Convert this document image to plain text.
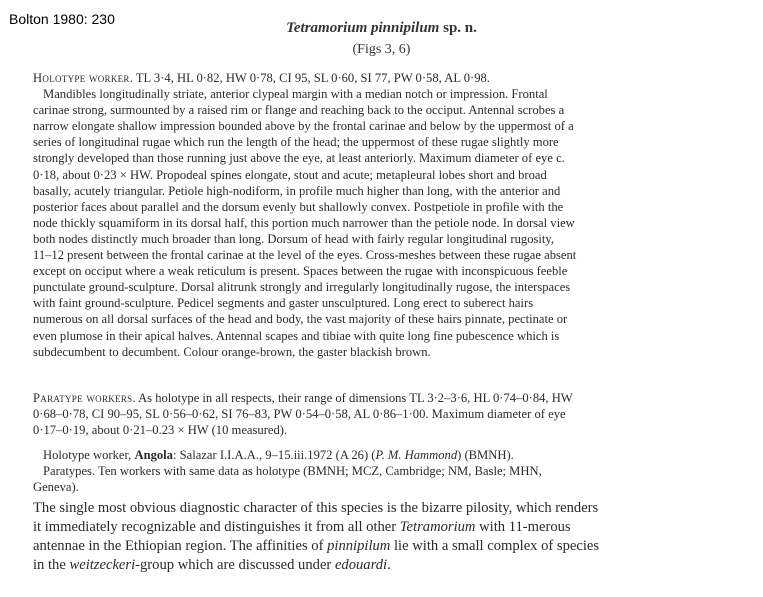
Bolton 1980: 230
Tetramorium pinnipilum sp. n.
(Figs 3, 6)
Holotype worker. TL 3·4, HL 0·82, HW 0·78, CI 95, SL 0·60, SI 77, PW 0·58, AL 0·98.
Mandibles longitudinally striate, anterior clypeal margin with a median notch or impression. Frontal
carinae strong, surmounted by a raised rim or flange and reaching back to the occiput. Antennal scrobes a
narrow elongate shallow impression bounded above by the frontal carinae and below by the uppermost of a
series of longitudinal rugae which run the length of the head; the uppermost of these rugae slightly more
strongly developed than those running just above the eye, at least anteriorly. Maximum diameter of eye c.
0·18, about 0·23 × HW. Propodeal spines elongate, stout and acute; metapleural lobes short and broad
basally, acutely triangular. Petiole high-nodiform, in profile much higher than long, with the anterior and
posterior faces about parallel and the dorsum evenly but shallowly convex. Postpetiole in profile with the
node thickly squamiform in its dorsal half, this portion much narrower than the petiole node. In dorsal view
both nodes distinctly much broader than long. Dorsum of head with fairly regular longitudinal rugosity,
11–12 present between the frontal carinae at the level of the eyes. Cross-meshes between these rugae absent
except on occiput where a weak reticulum is present. Spaces between the rugae with inconspicuous feeble
punctulate ground-sculpture. Dorsal alitrunk strongly and irregularly longitudinally rugose, the interspaces
with faint ground-sculpture. Pedicel segments and gaster unsculptured. Long erect to suberect hairs
numerous on all dorsal surfaces of the head and body, the vast majority of these hairs pinnate, pectinate or
even plumose in their apical halves. Antennal scapes and tibiae with quite long fine pubescence which is
subdecumbent to decumbent. Colour orange-brown, the gaster blackish brown.
Paratype workers. As holotype in all respects, their range of dimensions TL 3·2–3·6, HL 0·74–0·84, HW
0·68–0·78, CI 90–95, SL 0·56–0·62, SI 76–83, PW 0·54–0·58, AL 0·86–1·00. Maximum diameter of eye
0·17–0·19, about 0·21–0.23 × HW (10 measured).
Holotype worker, Angola: Salazar I.I.A.A., 9–15.iii.1972 (A 26) (P. M. Hammond) (BMNH).
Paratypes. Ten workers with same data as holotype (BMNH; MCZ, Cambridge; NM, Basle; MHN,
Geneva).
The single most obvious diagnostic character of this species is the bizarre pilosity, which renders
it immediately recognizable and distinguishes it from all other Tetramorium with 11-merous
antennae in the Ethiopian region. The affinities of pinnipilum lie with a small complex of species
in the weitzeckeri-group which are discussed under edouardi.
